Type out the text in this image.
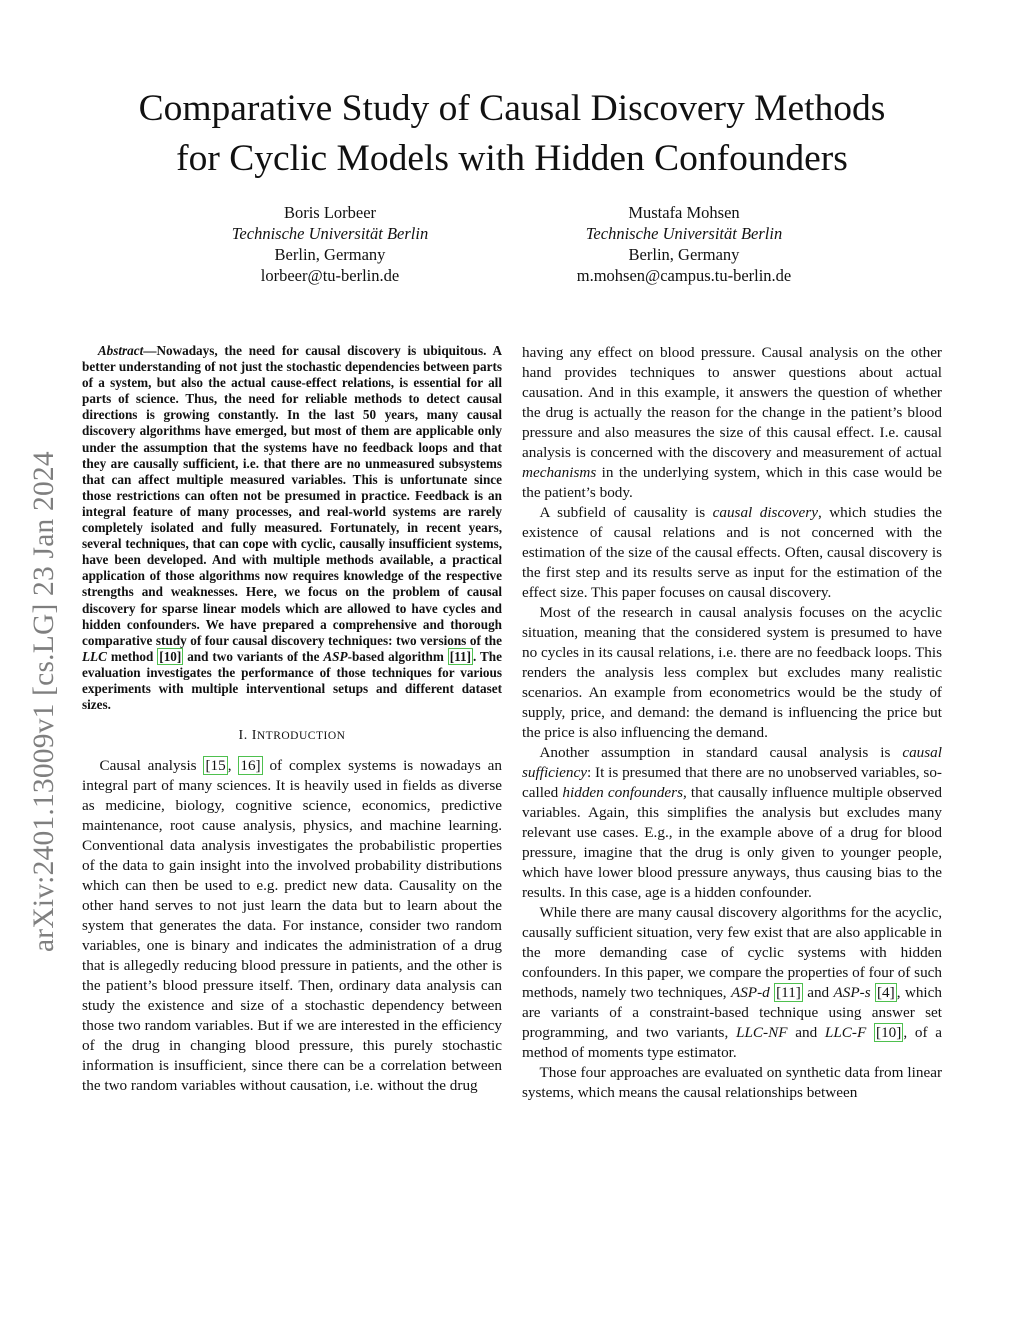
arXiv:2401.13009v1 [cs.LG] 23 Jan 2024
Comparative Study of Causal Discovery Methods
for Cyclic Models with Hidden Confounders
Boris Lorbeer
Technische Universität Berlin
Berlin, Germany
lorbeer@tu-berlin.de
Mustafa Mohsen
Technische Universität Berlin
Berlin, Germany
m.mohsen@campus.tu-berlin.de

Abstract—Nowadays, the need for causal discovery is ubiquitous. A better understanding of not just the stochastic dependencies between parts of a system, but also the actual cause-effect relations, is essential for all parts of science. Thus, the need for reliable methods to detect causal directions is growing constantly. In the last 50 years, many causal discovery algorithms have emerged, but most of them are applicable only under the assumption that the systems have no feedback loops and that they are causally sufficient, i.e. that there are no unmeasured subsystems that can affect multiple measured variables. This is unfortunate since those restrictions can often not be presumed in practice. Feedback is an integral feature of many processes, and real-world systems are rarely completely isolated and fully measured. Fortunately, in recent years, several techniques, that can cope with cyclic, causally insufficient systems, have been developed. And with multiple methods available, a practical application of those algorithms now requires knowledge of the respective strengths and weaknesses. Here, we focus on the problem of causal discovery for sparse linear models which are allowed to have cycles and hidden confounders. We have prepared a comprehensive and thorough comparative study of four causal discovery techniques: two versions of the LLC method [10] and two variants of the ASP-based algorithm [11] . The evaluation investigates the performance of those techniques for various experiments with multiple interventional setups and different dataset sizes.

I. INTRODUCTION

Causal analysis [15 , 16] of complex systems is nowadays an integral part of many sciences. It is heavily used in fields as diverse as medicine, biology, cognitive science, economics, predictive maintenance, root cause analysis, physics, and machine learning. Conventional data analysis investigates the probabilistic properties of the data to gain insight into the involved probability distributions which can then be used to e.g. predict new data. Causality on the other hand serves to not just learn the data but to learn about the system that generates the data. For instance, consider two random variables, one is binary and indicates the administration of a drug that is allegedly reducing blood pressure in patients, and the other is the patient’s blood pressure itself. Then, ordinary data analysis can study the existence and size of a stochastic dependency between those two random variables. But if we are interested in the efficiency of the drug in changing blood pressure, this purely stochastic information is insufficient, since there can be a correlation between the two random variables without causation, i.e. without the drug

having any effect on blood pressure. Causal analysis on the other hand provides techniques to answer questions about actual causation. And in this example, it answers the question of whether the drug is actually the reason for the change in the patient’s blood pressure and also measures the size of this causal effect. I.e. causal analysis is concerned with the discovery and measurement of actual mechanisms in the underlying system, which in this case would be the patient’s body.

A subfield of causality is causal discovery, which studies the existence of causal relations and is not concerned with the estimation of the size of the causal effects. Often, causal discovery is the first step and its results serve as input for the estimation of the effect size. This paper focuses on causal discovery.

Most of the research in causal analysis focuses on the acyclic situation, meaning that the considered system is presumed to have no cycles in its causal relations, i.e. there are no feedback loops. This renders the analysis less complex but excludes many realistic scenarios. An example from econometrics would be the study of supply, price, and demand: the demand is influencing the price but the price is also influencing the demand.

Another assumption in standard causal analysis is causal sufficiency: It is presumed that there are no unobserved variables, so-called hidden confounders, that causally influence multiple observed variables. Again, this simplifies the analysis but excludes many relevant use cases. E.g., in the example above of a drug for blood pressure, imagine that the drug is only given to younger people, which have lower blood pressure anyways, thus causing bias to the results. In this case, age is a hidden confounder.

While there are many causal discovery algorithms for the acyclic, causally sufficient situation, very few exist that are also applicable in the more demanding case of cyclic systems with hidden confounders. In this paper, we compare the properties of four of such methods, namely two techniques, ASP-d [11] and ASP-s [4] , which are variants of a constraint-based technique using answer set programming, and two variants, LLC-NF and LLC-F [10] , of a method of moments type estimator.

Those four approaches are evaluated on synthetic data from linear systems, which means the causal relationships between
